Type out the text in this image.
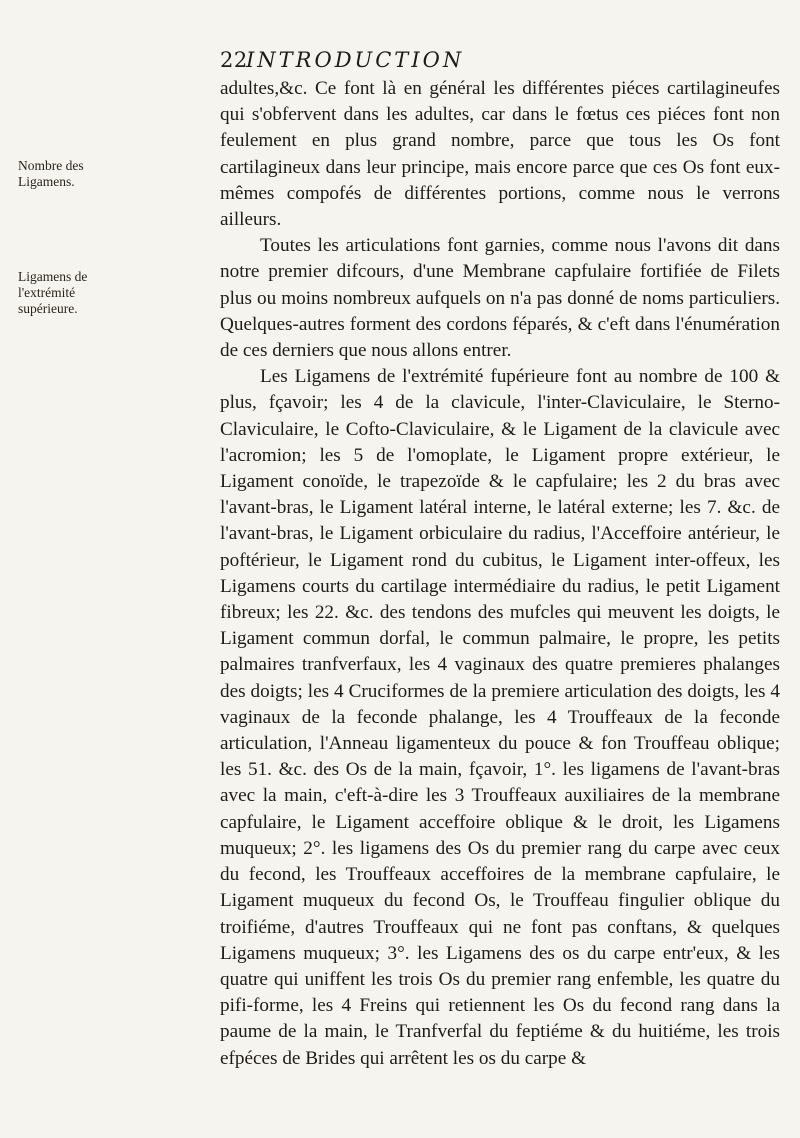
22
INTRODUCTION
Nombre des Ligamens.
Ligamens de l'extrémité supérieure.

adultes,&c. Ce font là en général les différentes piéces cartilagineufes qui s'obfervent dans les adultes, car dans le fœtus ces piéces font non feulement en plus grand nombre, parce que tous les Os font cartilagineux dans leur principe, mais encore parce que ces Os font eux-mêmes compofés de différentes portions, comme nous le verrons ailleurs.

Toutes les articulations font garnies, comme nous l'avons dit dans notre premier difcours, d'une Membrane capfulaire fortifiée de Filets plus ou moins nombreux aufquels on n'a pas donné de noms particuliers. Quelques-autres forment des cordons féparés, & c'eft dans l'énumération de ces derniers que nous allons entrer.

Les Ligamens de l'extrémité fupérieure font au nombre de 100 & plus, fçavoir; les 4 de la clavicule, l'inter-Claviculaire, le Sterno-Claviculaire, le Cofto-Claviculaire, & le Ligament de la clavicule avec l'acromion; les 5 de l'omoplate, le Ligament propre extérieur, le Ligament conoïde, le trapezoïde & le capfulaire; les 2 du bras avec l'avant-bras, le Ligament latéral interne, le latéral externe; les 7. &c. de l'avant-bras, le Ligament orbiculaire du radius, l'Acceffoire antérieur, le poftérieur, le Ligament rond du cubitus, le Ligament inter-offeux, les Ligamens courts du cartilage intermédiaire du radius, le petit Ligament fibreux; les 22. &c. des tendons des mufcles qui meuvent les doigts, le Ligament commun dorfal, le commun palmaire, le propre, les petits palmaires tranfverfaux, les 4 vaginaux des quatre premieres phalanges des doigts; les 4 Cruciformes de la premiere articulation des doigts, les 4 vaginaux de la feconde phalange, les 4 Trouffeaux de la feconde articulation, l'Anneau ligamenteux du pouce & fon Trouffeau oblique; les 51. &c. des Os de la main, fçavoir, 1°. les ligamens de l'avant-bras avec la main, c'eft-à-dire les 3 Trouffeaux auxiliaires de la membrane capfulaire, le Ligament acceffoire oblique & le droit, les Ligamens muqueux; 2°. les ligamens des Os du premier rang du carpe avec ceux du fecond, les Trouffeaux acceffoires de la membrane capfulaire, le Ligament muqueux du fecond Os, le Trouffeau fingulier oblique du troifiéme, d'autres Trouffeaux qui ne font pas conftans, & quelques Ligamens muqueux; 3°. les Ligamens des os du carpe entr'eux, & les quatre qui uniffent les trois Os du premier rang enfemble, les quatre du pifi-forme, les 4 Freins qui retiennent les Os du fecond rang dans la paume de la main, le Tranfverfal du feptiéme & du huitiéme, les trois efpéces de Brides qui arrêtent les os du carpe &
